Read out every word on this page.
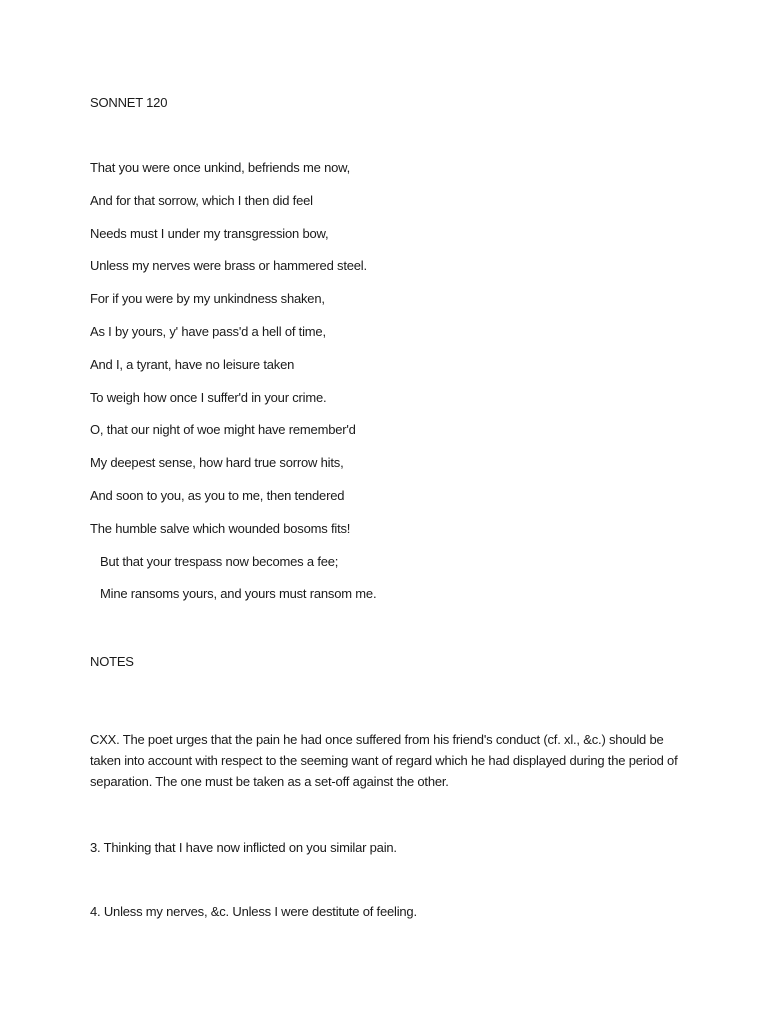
SONNET 120
That you were once unkind, befriends me now,
And for that sorrow, which I then did feel
Needs must I under my transgression bow,
Unless my nerves were brass or hammered steel.
For if you were by my unkindness shaken,
As I by yours, y' have pass'd a hell of time,
And I, a tyrant, have no leisure taken
To weigh how once I suffer'd in your crime.
O, that our night of woe might have remember'd
My deepest sense, how hard true sorrow hits,
And soon to you, as you to me, then tendered
The humble salve which wounded bosoms fits!
But that your trespass now becomes a fee;
Mine ransoms yours, and yours must ransom me.
NOTES

CXX. The poet urges that the pain he had once suffered from his friend's conduct (cf. xl., &c.) should be taken into account with respect to the seeming want of regard which he had displayed during the period of separation. The one must be taken as a set-off against the other.

3. Thinking that I have now inflicted on you similar pain.

4. Unless my nerves, &c. Unless I were destitute of feeling.
